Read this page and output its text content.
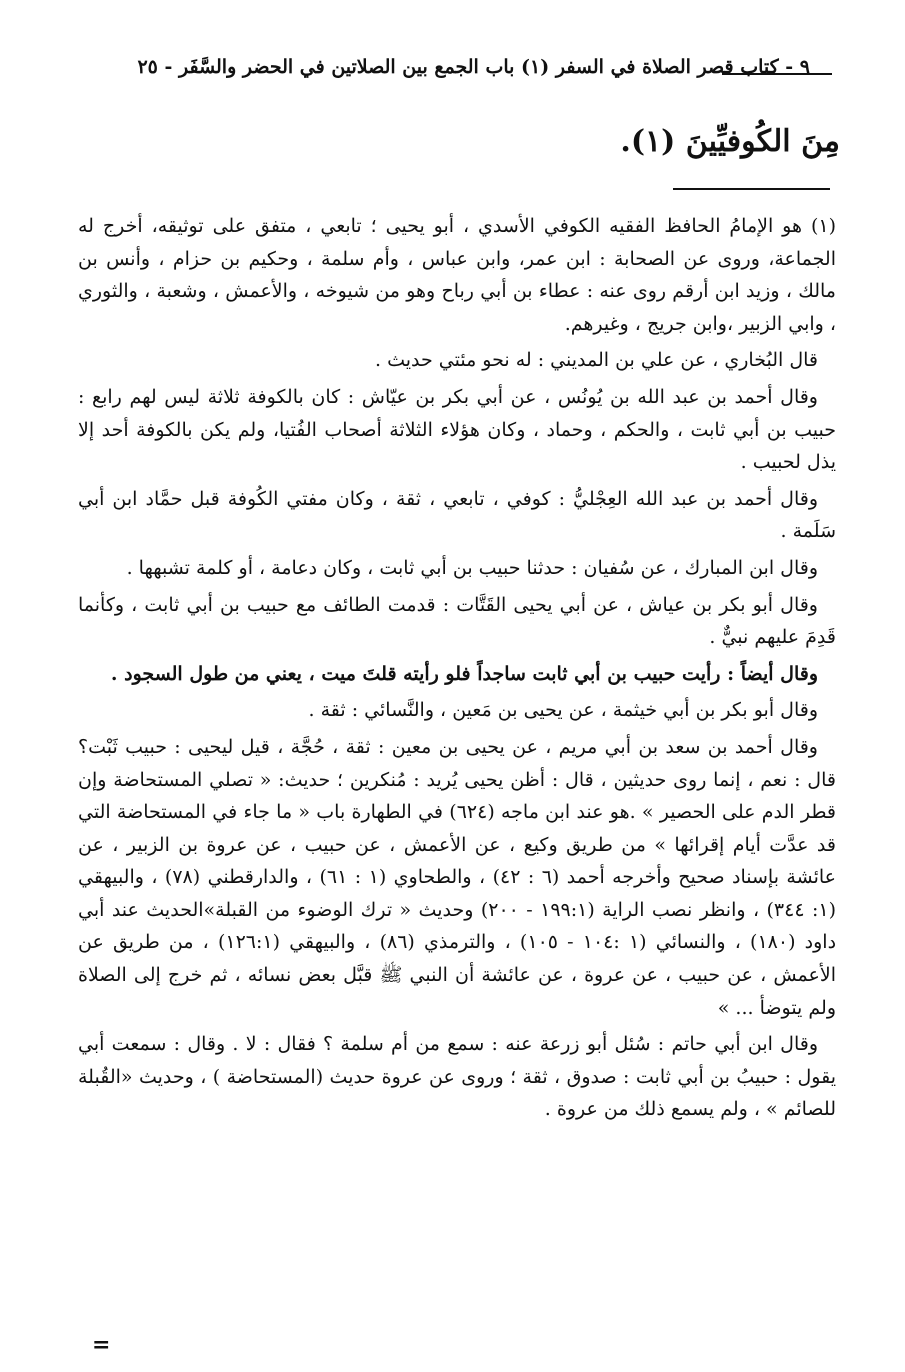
٩ - كتاب قصر الصلاة في السفر (١) باب الجمع بين الصلاتين في الحضر والسَّفَر - ٢٥
مِنَ الكُوفيِّينَ (١).

(١) هو الإمامُ الحافظ الفقيه الكوفي الأسدي ، أبو يحيى ؛ تابعي ، متفق على توثيقه، أخرج له الجماعة، وروى عن الصحابة : ابن عمر، وابن عباس ، وأم سلمة ، وحكيم بن حزام ، وأنس بن مالك ، وزيد ابن أرقم روى عنه : عطاء بن أبي رباح وهو من شيوخه ، والأعمش ، وشعبة ، والثوري ، وابي الزبير ،وابن جريج ، وغيرهم.

قال البُخاري ، عن علي بن المديني : له نحو مئتي حديث .

وقال أحمد بن عبد الله بن يُونُس ، عن أبي بكر بن عيّاش : كان بالكوفة ثلاثة ليس لهم رابع : حبيب بن أبي ثابت ، والحكم ، وحماد ، وكان هؤلاء الثلاثة أصحاب الفُتيا، ولم يكن بالكوفة أحد إلا يذل لحبيب .

وقال أحمد بن عبد الله العِجْليُّ : كوفي ، تابعي ، ثقة ، وكان مفتي الكُوفة قبل حمَّاد ابن أبي سَلَمة .

وقال ابن المبارك ، عن سُفيان : حدثنا حبيب بن أبي ثابت ، وكان دعامة ، أو كلمة تشبهها .

وقال أبو بكر بن عياش ، عن أبي يحيى القَتَّات : قدمت الطائف مع حبيب بن أبي ثابت ، وكأنما قَدِمَ عليهم نبيٌّ .

وقال أيضاً : رأيت حبيب بن أبي ثابت ساجداً فلو رأيته قلتَ ميت ، يعني من طول السجود .

وقال أبو بكر بن أبي خيثمة ، عن يحيى بن مَعين ، والنَّسائي : ثقة .

وقال أحمد بن سعد بن أبي مريم ، عن يحيى بن معين : ثقة ، حُجَّة ، قيل ليحيى : حبيب ثَبْت؟ قال : نعم ، إنما روى حديثين ، قال : أظن يحيى يُريد : مُنكرين ؛ حديث: « تصلي المستحاضة وإن قطر الدم على الحصير » .هو عند ابن ماجه (٦٢٤) في الطهارة باب « ما جاء في المستحاضة التي قد عدَّت أيام إقرائها » من طريق وكيع ، عن الأعمش ، عن حبيب ، عن عروة بن الزبير ، عن عائشة بإسناد صحيح وأخرجه أحمد (٦ : ٤٢) ، والطحاوي (١ : ٦١) ، والدارقطني (٧٨) ، والبيهقي (١: ٣٤٤) ، وانظر نصب الراية (١٩٩:١ - ٢٠٠) وحديث « ترك الوضوء من القبلة»الحديث عند أبي داود (١٨٠) ، والنسائي (١ :١٠٤ - ١٠٥) ، والترمذي (٨٦) ، والبيهقي (١٢٦:١) ، من طريق عن الأعمش ، عن حبيب ، عن عروة ، عن عائشة أن النبي ﷺ قبَّل بعض نسائه ، ثم خرج إلى الصلاة ولم يتوضأ ... »

وقال ابن أبي حاتم : سُئل أبو زرعة عنه : سمع من أم سلمة ؟ فقال : لا . وقال : سمعت أبي يقول : حبيبُ بن أبي ثابت : صدوق ، ثقة ؛ وروى عن عروة حديث (المستحاضة ) ، وحديث «القُبلة للصائم » ، ولم يسمع ذلك من عروة .

=
